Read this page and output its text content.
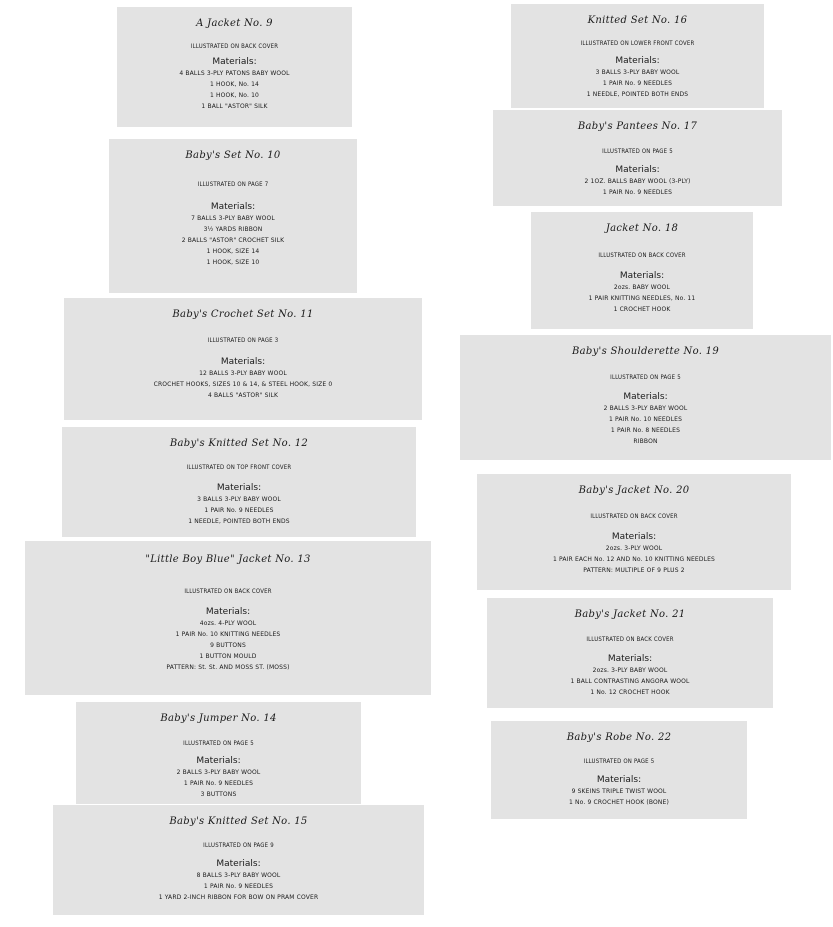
A Jacket No. 9
ILLUSTRATED ON BACK COVER
Materials:
4 BALLS 3-PLY PATONS BABY WOOL
1 HOOK, No. 14
1 HOOK, No. 10
1 BALL "ASTOR" SILK
Baby's Set No. 10
ILLUSTRATED ON PAGE 7
Materials:
7 BALLS 3-PLY BABY WOOL
3½ YARDS RIBBON
2 BALLS "ASTOR" CROCHET SILK
1 HOOK, SIZE 14
1 HOOK, SIZE 10
Baby's Crochet Set No. 11
ILLUSTRATED ON PAGE 3
Materials:
12 BALLS 3-PLY BABY WOOL
CROCHET HOOKS, SIZES 10 & 14, & STEEL HOOK, SIZE 0
4 BALLS "ASTOR" SILK
Baby's Knitted Set No. 12
ILLUSTRATED ON TOP FRONT COVER
Materials:
3 BALLS 3-PLY BABY WOOL
1 PAIR No. 9 NEEDLES
1 NEEDLE, POINTED BOTH ENDS
"Little Boy Blue" Jacket No. 13
ILLUSTRATED ON BACK COVER
Materials:
4ozs. 4-PLY WOOL
1 PAIR No. 10 KNITTING NEEDLES
9 BUTTONS
1 BUTTON MOULD
PATTERN: St. St. AND MOSS ST. (MOSS)
Baby's Jumper No. 14
ILLUSTRATED ON PAGE 5
Materials:
2 BALLS 3-PLY BABY WOOL
1 PAIR No. 9 NEEDLES
3 BUTTONS
Baby's Knitted Set No. 15
ILLUSTRATED ON PAGE 9
Materials:
8 BALLS 3-PLY BABY WOOL
1 PAIR No. 9 NEEDLES
1 YARD 2-INCH RIBBON FOR BOW ON PRAM COVER
Knitted Set No. 16
ILLUSTRATED ON LOWER FRONT COVER
Materials:
3 BALLS 3-PLY BABY WOOL
1 PAIR No. 9 NEEDLES
1 NEEDLE, POINTED BOTH ENDS
Baby's Pantees No. 17
ILLUSTRATED ON PAGE 5
Materials:
2 1OZ. BALLS BABY WOOL (3-PLY)
1 PAIR No. 9 NEEDLES
Jacket No. 18
ILLUSTRATED ON BACK COVER
Materials:
2ozs. BABY WOOL
1 PAIR KNITTING NEEDLES, No. 11
1 CROCHET HOOK
Baby's Shoulderette No. 19
ILLUSTRATED ON PAGE 5
Materials:
2 BALLS 3-PLY BABY WOOL
1 PAIR No. 10 NEEDLES
1 PAIR No. 8 NEEDLES
RIBBON
Baby's Jacket No. 20
ILLUSTRATED ON BACK COVER
Materials:
2ozs. 3-PLY WOOL
1 PAIR EACH No. 12 AND No. 10 KNITTING NEEDLES
PATTERN: MULTIPLE OF 9 PLUS 2
Baby's Jacket No. 21
ILLUSTRATED ON BACK COVER
Materials:
2ozs. 3-PLY BABY WOOL
1 BALL CONTRASTING ANGORA WOOL
1 No. 12 CROCHET HOOK
Baby's Robe No. 22
ILLUSTRATED ON PAGE 5
Materials:
9 SKEINS TRIPLE TWIST WOOL
1 No. 9 CROCHET HOOK (BONE)
